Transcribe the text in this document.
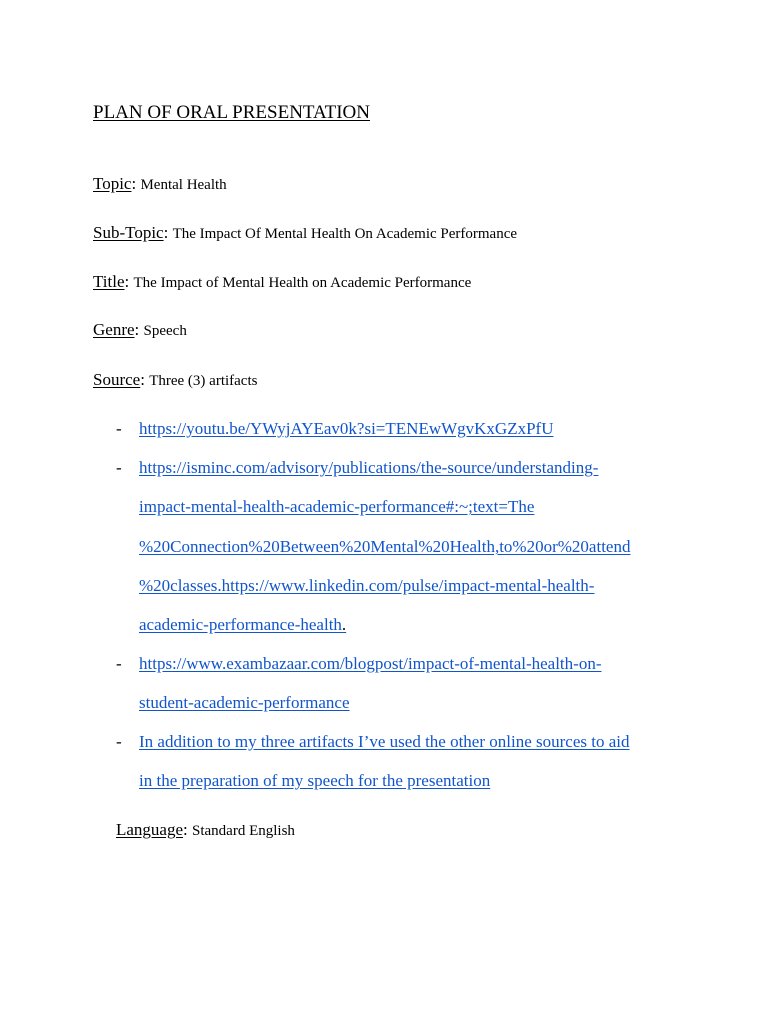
PLAN OF ORAL PRESENTATION
Topic: Mental Health
Sub-Topic: The Impact Of Mental Health On Academic Performance
Title: The Impact of Mental Health on Academic Performance
Genre: Speech
Source: Three (3) artifacts
- https://youtu.be/YWyjAYEav0k?si=TENEwWgvKxGZxPfU
- https://isminc.com/advisory/publications/the-source/understanding-
impact-mental-health-academic-performance#:~;text=The
%20Connection%20Between%20Mental%20Health,to%20or%20attend
%20classes.https://www.linkedin.com/pulse/impact-mental-health-
academic-performance-health.
- https://www.exambazaar.com/blogpost/impact-of-mental-health-on-
student-academic-performance
- In addition to my three artifacts I’ve used the other online sources to aid
in the preparation of my speech for the presentation
Language: Standard English
